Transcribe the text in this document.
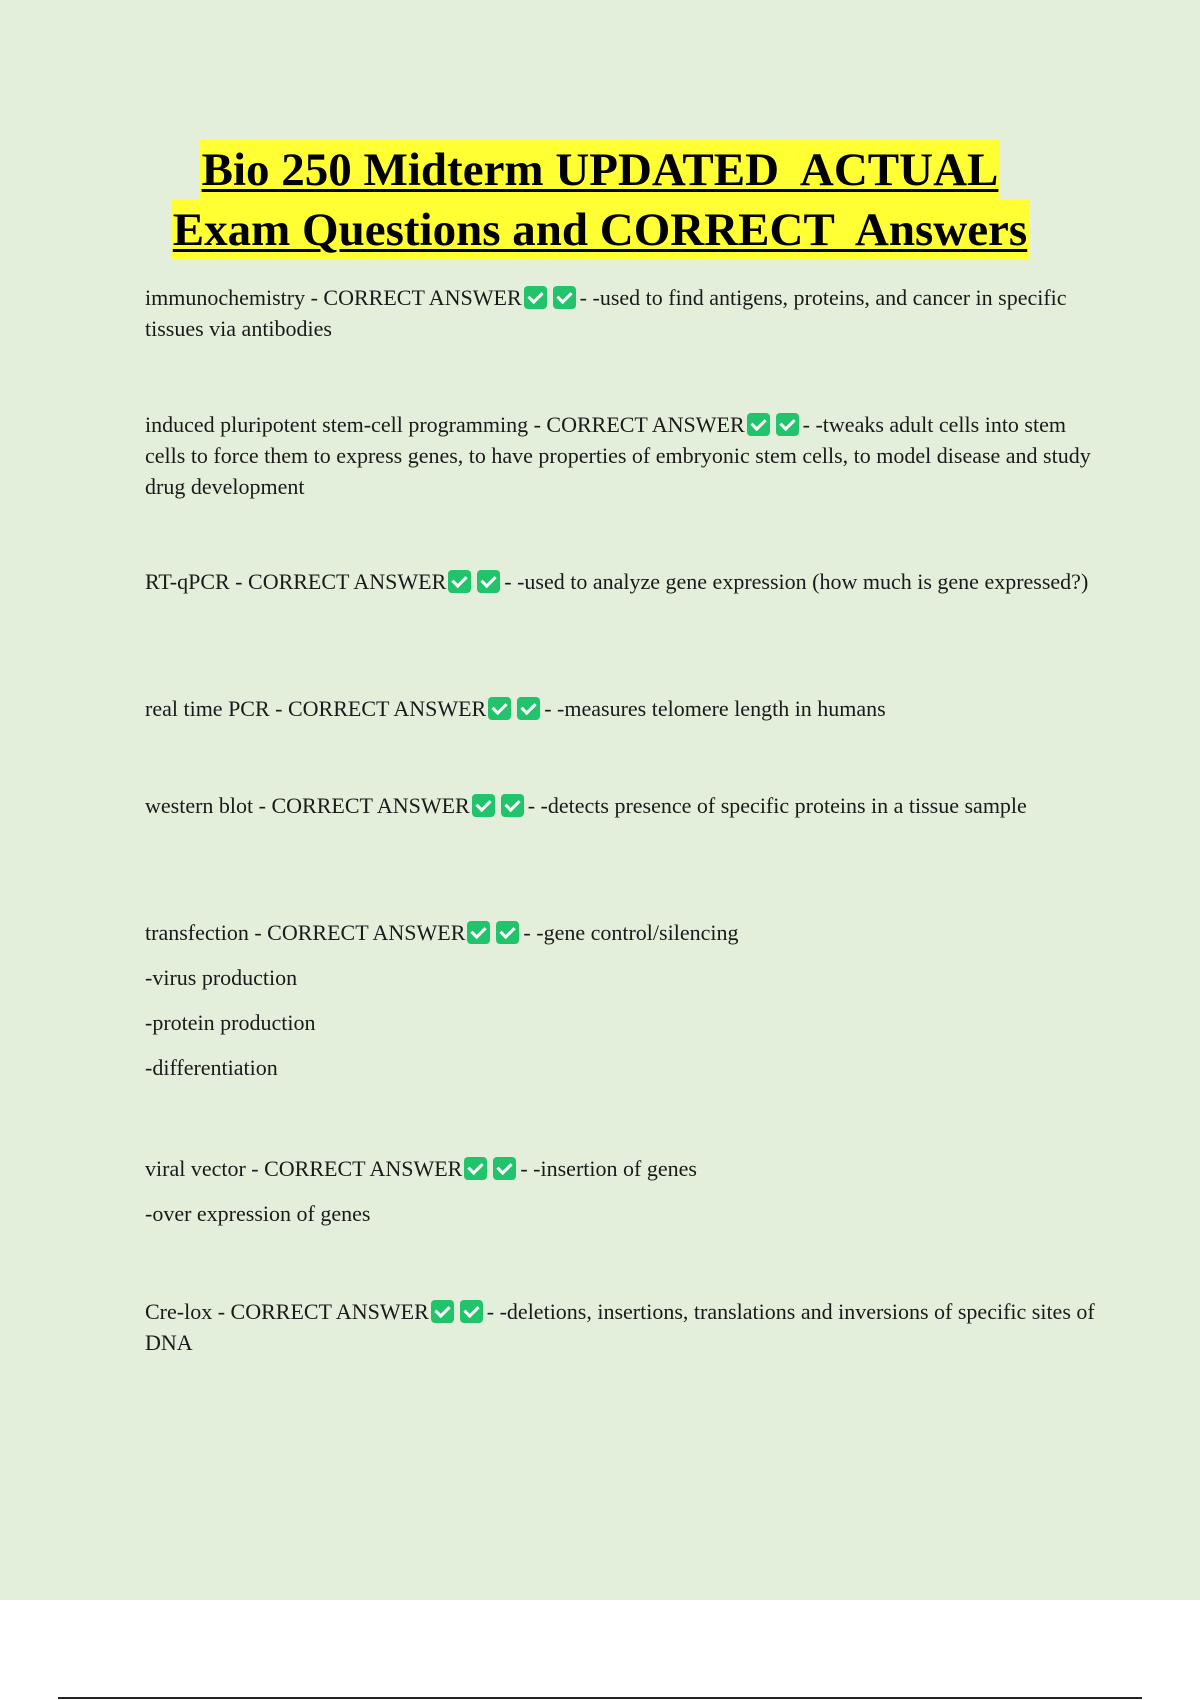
Bio 250 Midterm UPDATED  ACTUAL
Exam Questions and CORRECT  Answers

immunochemistry - CORRECT ANSWER	- -used to find antigens, proteins, and cancer in specific tissues via antibodies

induced pluripotent stem-cell programming - CORRECT ANSWER	- -tweaks adult cells into stem cells to force them to express genes, to have properties of embryonic stem cells, to model disease and study drug development

RT-qPCR - CORRECT ANSWER	- -used to analyze gene expression (how much is gene expressed?)

real time PCR - CORRECT ANSWER	- -measures telomere length in humans

western blot - CORRECT ANSWER	- -detects presence of specific proteins in a tissue sample

transfection - CORRECT ANSWER	- -gene control/silencing

-virus production
-protein production
-differentiation

viral vector - CORRECT ANSWER	- -insertion of genes

-over expression of genes

Cre-lox - CORRECT ANSWER	- -deletions, insertions, translations and inversions of specific sites of DNA
